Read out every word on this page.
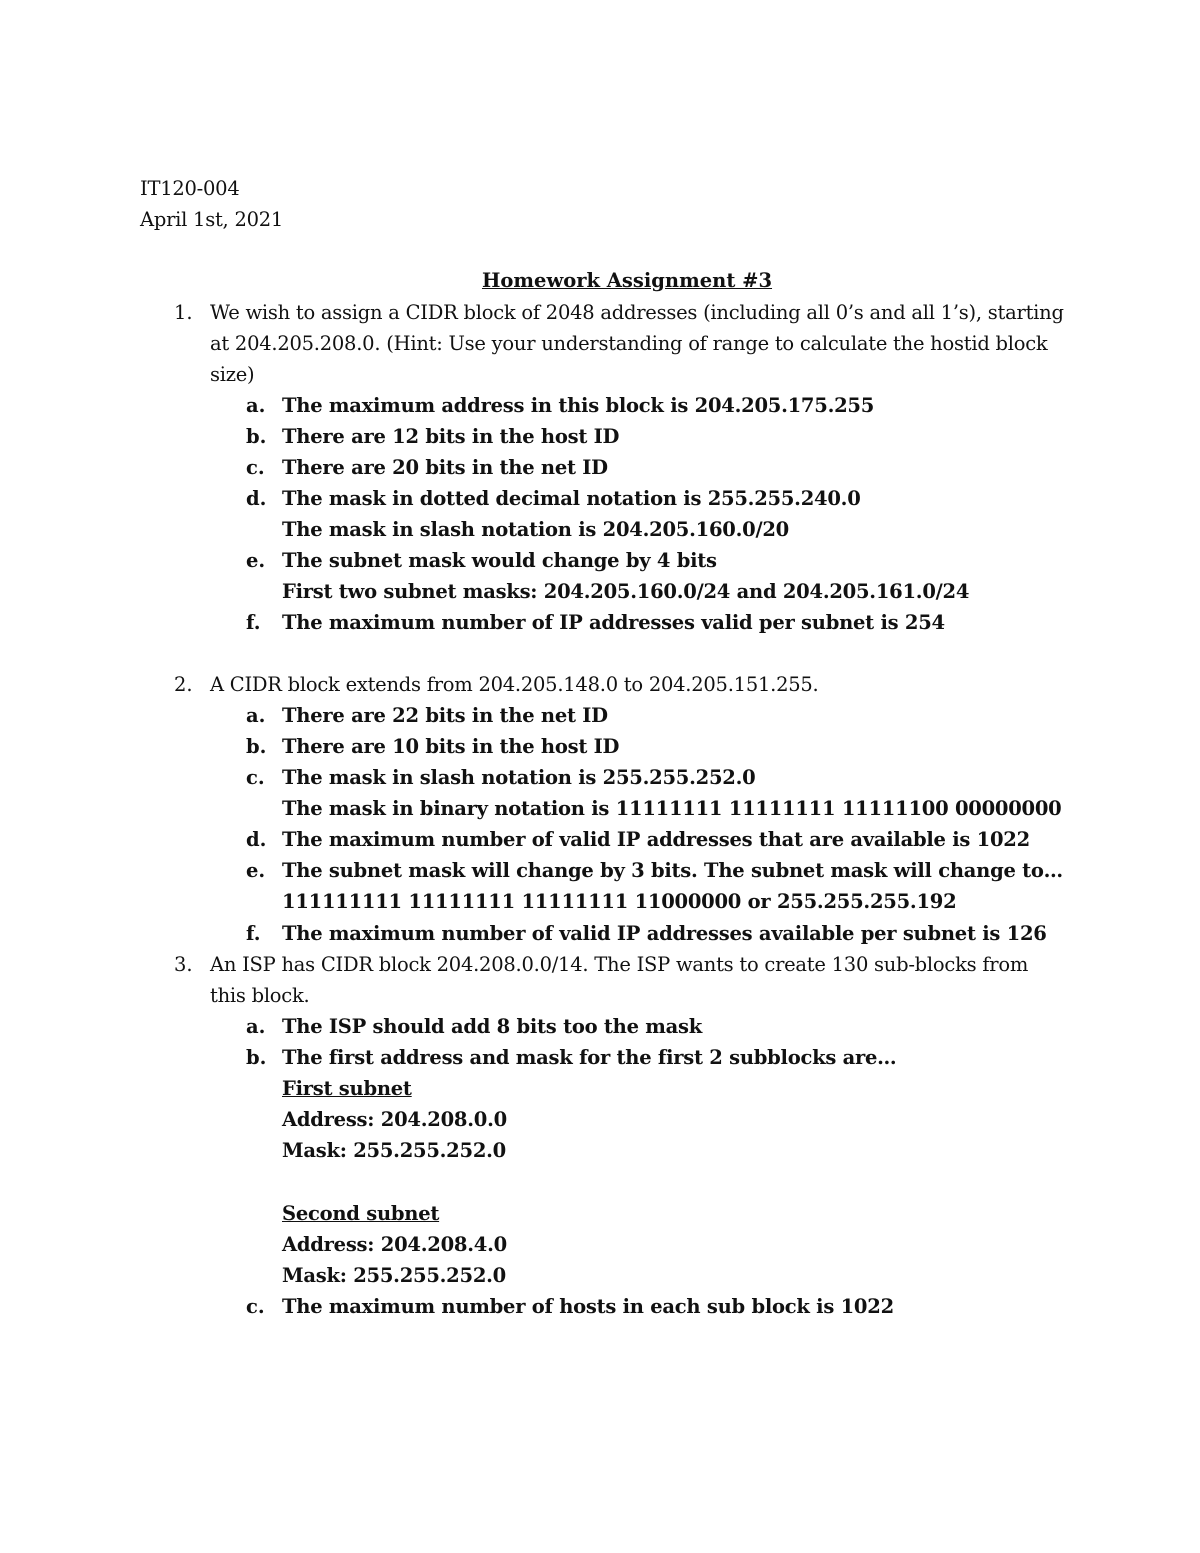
IT120-004
April 1st, 2021
Homework Assignment #3
1. We wish to assign a CIDR block of 2048 addresses (including all 0’s and all 1’s), starting
at 204.205.208.0. (Hint: Use your understanding of range to calculate the hostid block
size)
a. The maximum address in this block is 204.205.175.255
b. There are 12 bits in the host ID
c. There are 20 bits in the net ID
d. The mask in dotted decimal notation is 255.255.240.0
The mask in slash notation is 204.205.160.0/20
e. The subnet mask would change by 4 bits
First two subnet masks: 204.205.160.0/24 and 204.205.161.0/24
f. The maximum number of IP addresses valid per subnet is 254
2. A CIDR block extends from 204.205.148.0 to 204.205.151.255.
a. There are 22 bits in the net ID
b. There are 10 bits in the host ID
c. The mask in slash notation is 255.255.252.0
The mask in binary notation is 11111111 11111111 11111100 00000000
d. The maximum number of valid IP addresses that are available is 1022
e. The subnet mask will change by 3 bits. The subnet mask will change to…
111111111 11111111 11111111 11000000 or 255.255.255.192
f. The maximum number of valid IP addresses available per subnet is 126
3. An ISP has CIDR block 204.208.0.0/14. The ISP wants to create 130 sub-blocks from
this block.
a. The ISP should add 8 bits too the mask
b. The first address and mask for the first 2 subblocks are…
First subnet
Address: 204.208.0.0
Mask: 255.255.252.0
Second subnet
Address: 204.208.4.0
Mask: 255.255.252.0
c. The maximum number of hosts in each sub block is 1022
